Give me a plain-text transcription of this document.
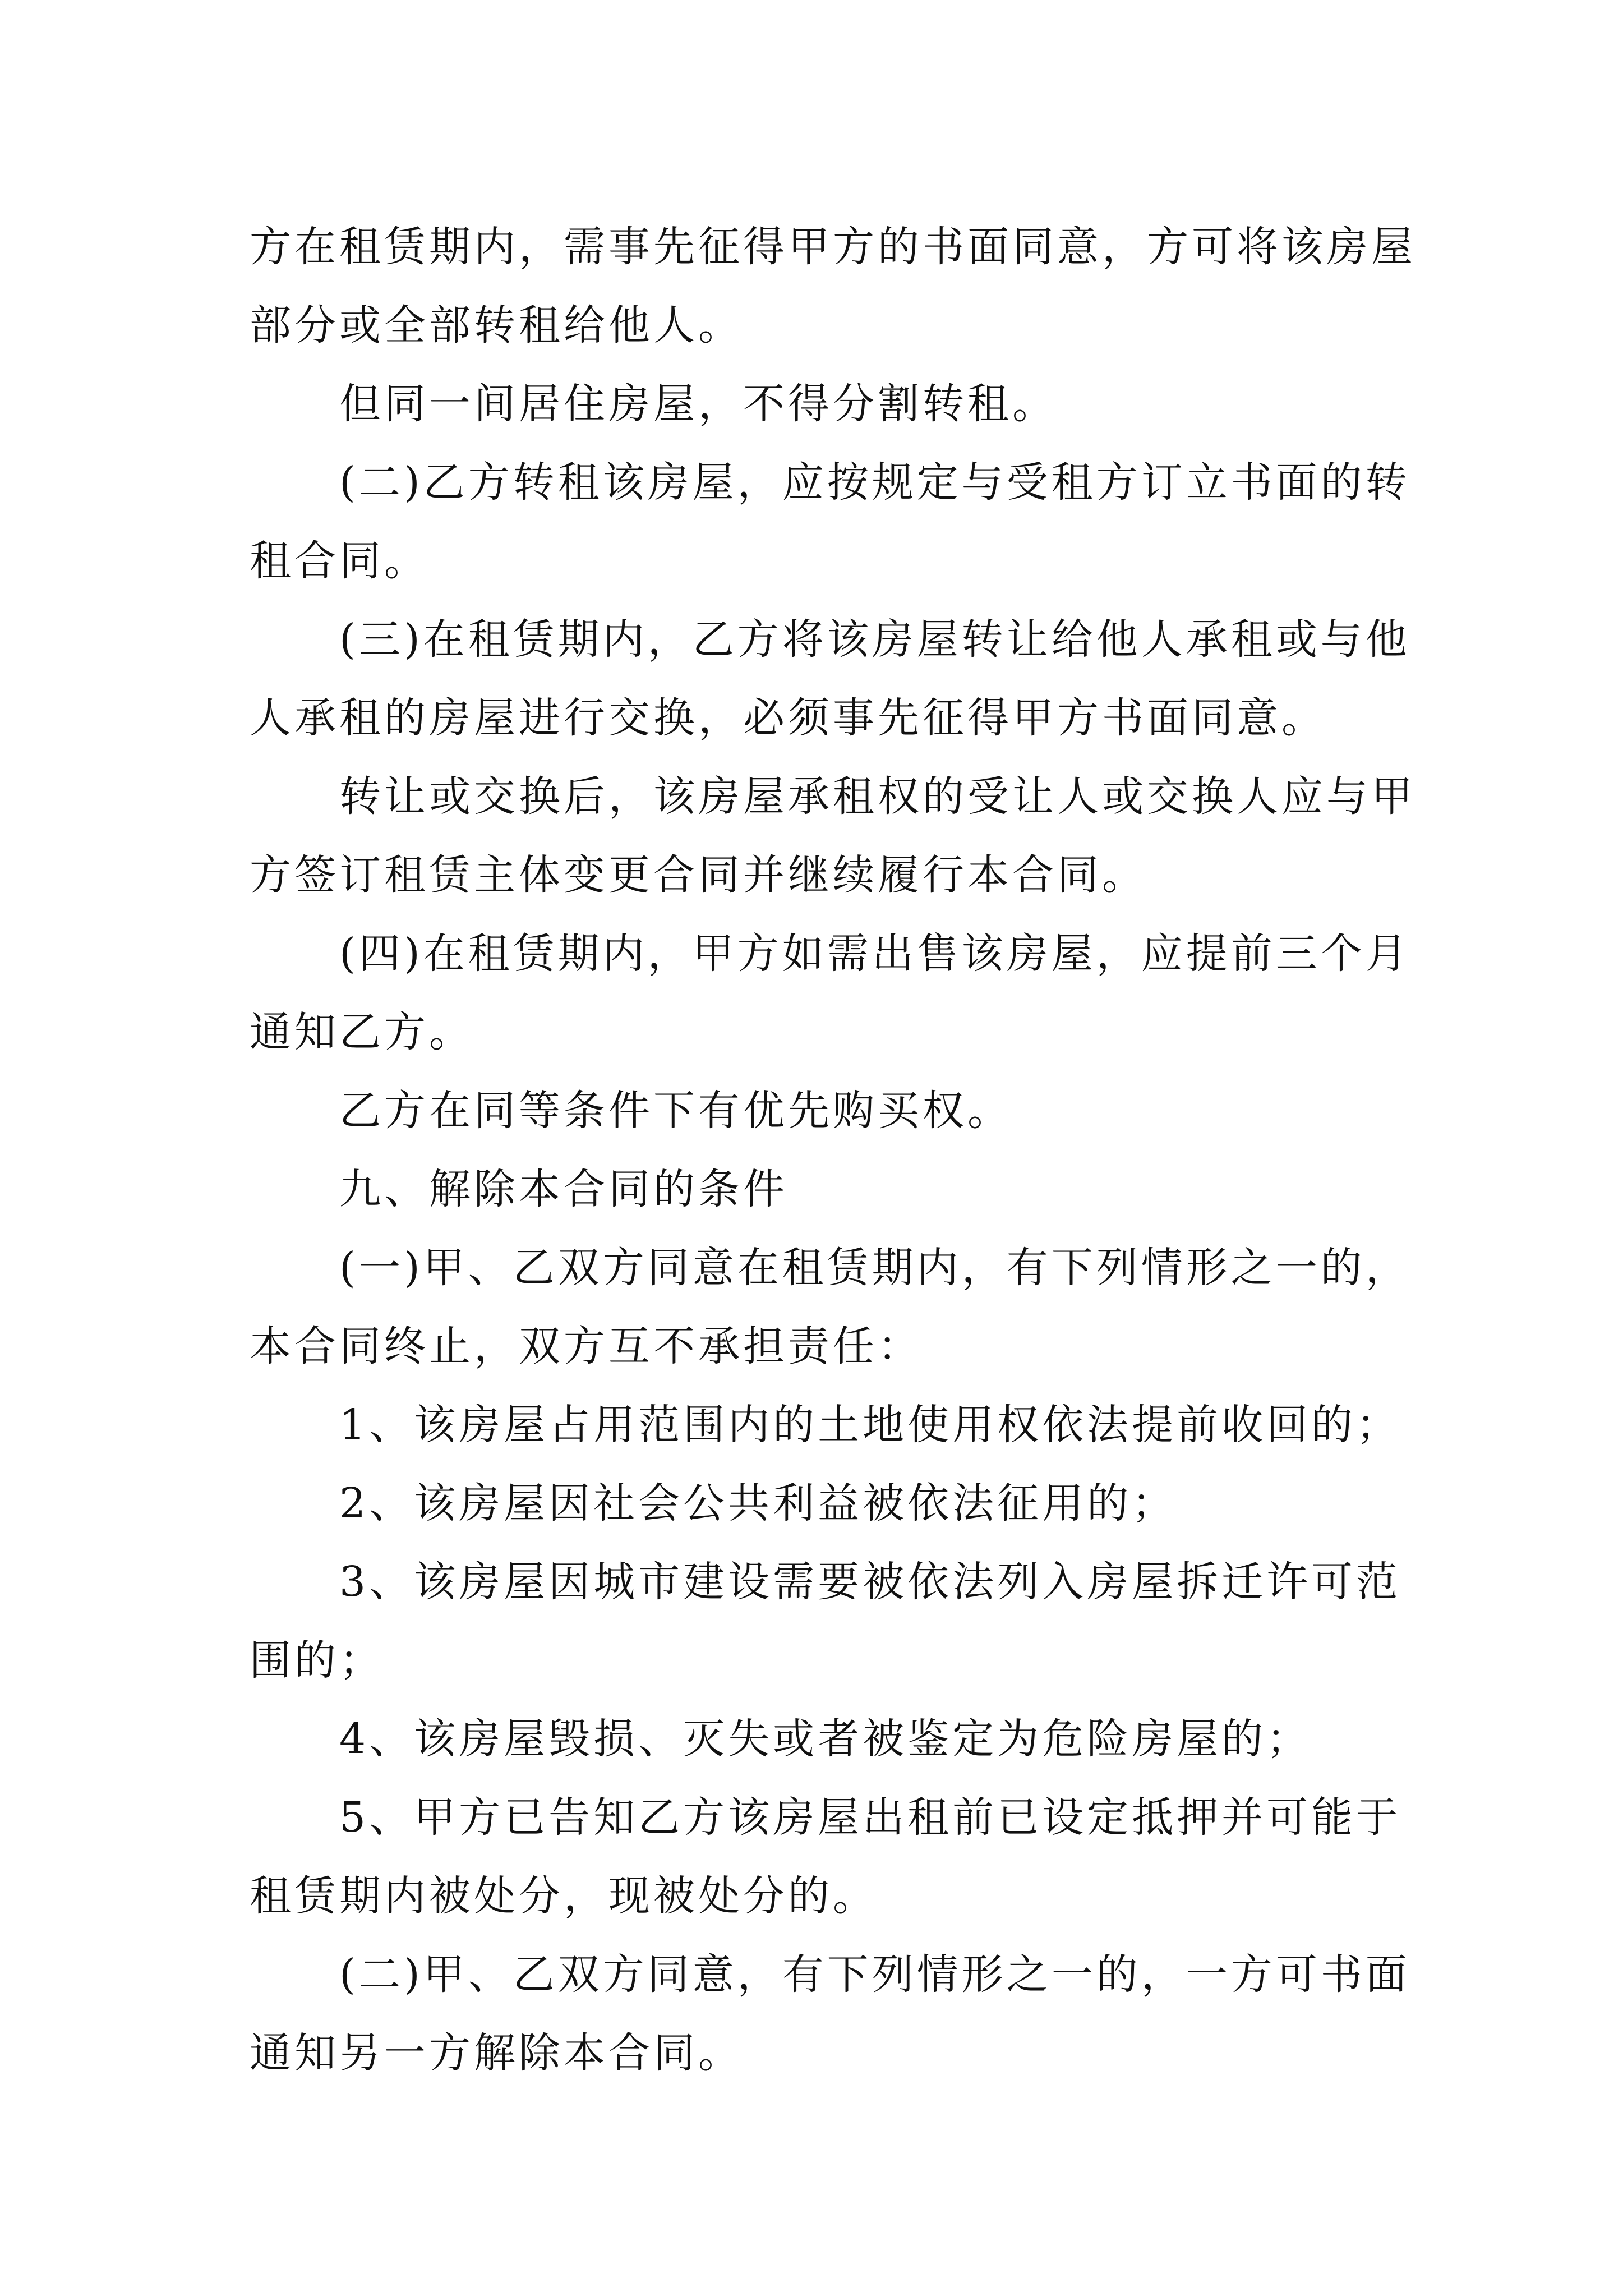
方在租赁期内，需事先征得甲方的书面同意，方可将该房屋

部分或全部转租给他人。

但同一间居住房屋，不得分割转租。

(二)乙方转租该房屋，应按规定与受租方订立书面的转

租合同。

(三)在租赁期内，乙方将该房屋转让给他人承租或与他

人承租的房屋进行交换，必须事先征得甲方书面同意。

转让或交换后，该房屋承租权的受让人或交换人应与甲

方签订租赁主体变更合同并继续履行本合同。

(四)在租赁期内，甲方如需出售该房屋，应提前三个月

通知乙方。

乙方在同等条件下有优先购买权。

九、解除本合同的条件

(一)甲、乙双方同意在租赁期内，有下列情形之一的，

本合同终止，双方互不承担责任：

1、该房屋占用范围内的土地使用权依法提前收回的；

2、该房屋因社会公共利益被依法征用的；

3、该房屋因城市建设需要被依法列入房屋拆迁许可范

围的；

4、该房屋毁损、灭失或者被鉴定为危险房屋的；

5、甲方已告知乙方该房屋出租前已设定抵押并可能于

租赁期内被处分，现被处分的。

(二)甲、乙双方同意，有下列情形之一的，一方可书面

通知另一方解除本合同。
